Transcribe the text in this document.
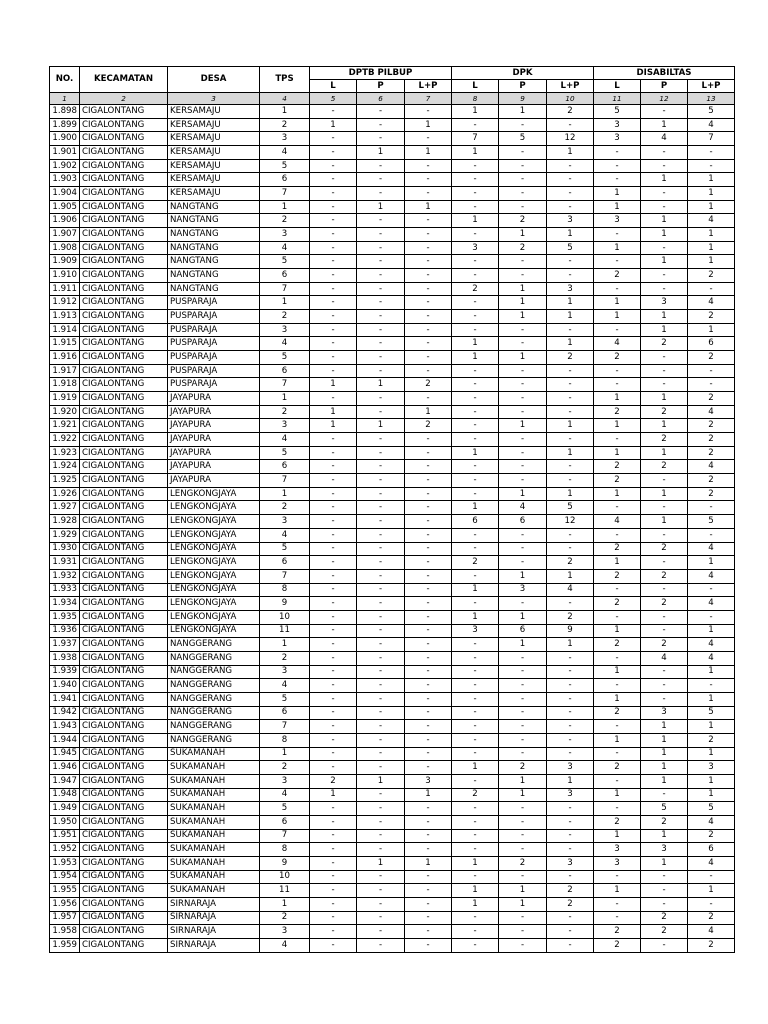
NO.	KECAMATAN	DESA	TPS	DPTB PILBUP			DPK			DISABILTAS		
				L	P	L+P	L	P	L+P	L	P	L+P
1	2	3	4	5	6	7	8	9	10	11	12	13
1.898	CIGALONTANG	KERSAMAJU	1	-	-	-	1	1	2	5	-	5
1.899	CIGALONTANG	KERSAMAJU	2	1	-	1	-	-	-	3	1	4
1.900	CIGALONTANG	KERSAMAJU	3	-	-	-	7	5	12	3	4	7
1.901	CIGALONTANG	KERSAMAJU	4	-	1	1	1	-	1	-	-	-
1.902	CIGALONTANG	KERSAMAJU	5	-	-	-	-	-	-	-	-	-
1.903	CIGALONTANG	KERSAMAJU	6	-	-	-	-	-	-	-	1	1
1.904	CIGALONTANG	KERSAMAJU	7	-	-	-	-	-	-	1	-	1
1.905	CIGALONTANG	NANGTANG	1	-	1	1	-	-	-	1	-	1
1.906	CIGALONTANG	NANGTANG	2	-	-	-	1	2	3	3	1	4
1.907	CIGALONTANG	NANGTANG	3	-	-	-	-	1	1	-	1	1
1.908	CIGALONTANG	NANGTANG	4	-	-	-	3	2	5	1	-	1
1.909	CIGALONTANG	NANGTANG	5	-	-	-	-	-	-	-	1	1
1.910	CIGALONTANG	NANGTANG	6	-	-	-	-	-	-	2	-	2
1.911	CIGALONTANG	NANGTANG	7	-	-	-	2	1	3	-	-	-
1.912	CIGALONTANG	PUSPARAJA	1	-	-	-	-	1	1	1	3	4
1.913	CIGALONTANG	PUSPARAJA	2	-	-	-	-	1	1	1	1	2
1.914	CIGALONTANG	PUSPARAJA	3	-	-	-	-	-	-	-	1	1
1.915	CIGALONTANG	PUSPARAJA	4	-	-	-	1	-	1	4	2	6
1.916	CIGALONTANG	PUSPARAJA	5	-	-	-	1	1	2	2	-	2
1.917	CIGALONTANG	PUSPARAJA	6	-	-	-	-	-	-	-	-	-
1.918	CIGALONTANG	PUSPARAJA	7	1	1	2	-	-	-	-	-	-
1.919	CIGALONTANG	JAYAPURA	1	-	-	-	-	-	-	1	1	2
1.920	CIGALONTANG	JAYAPURA	2	1	-	1	-	-	-	2	2	4
1.921	CIGALONTANG	JAYAPURA	3	1	1	2	-	1	1	1	1	2
1.922	CIGALONTANG	JAYAPURA	4	-	-	-	-	-	-	-	2	2
1.923	CIGALONTANG	JAYAPURA	5	-	-	-	1	-	1	1	1	2
1.924	CIGALONTANG	JAYAPURA	6	-	-	-	-	-	-	2	2	4
1.925	CIGALONTANG	JAYAPURA	7	-	-	-	-	-	-	2	-	2
1.926	CIGALONTANG	LENGKONGJAYA	1	-	-	-	-	1	1	1	1	2
1.927	CIGALONTANG	LENGKONGJAYA	2	-	-	-	1	4	5	-	-	-
1.928	CIGALONTANG	LENGKONGJAYA	3	-	-	-	6	6	12	4	1	5
1.929	CIGALONTANG	LENGKONGJAYA	4	-	-	-	-	-	-	-	-	-
1.930	CIGALONTANG	LENGKONGJAYA	5	-	-	-	-	-	-	2	2	4
1.931	CIGALONTANG	LENGKONGJAYA	6	-	-	-	2	-	2	1	-	1
1.932	CIGALONTANG	LENGKONGJAYA	7	-	-	-	-	1	1	2	2	4
1.933	CIGALONTANG	LENGKONGJAYA	8	-	-	-	1	3	4	-	-	-
1.934	CIGALONTANG	LENGKONGJAYA	9	-	-	-	-	-	-	2	2	4
1.935	CIGALONTANG	LENGKONGJAYA	10	-	-	-	1	1	2	-	-	-
1.936	CIGALONTANG	LENGKONGJAYA	11	-	-	-	3	6	9	1	-	1
1.937	CIGALONTANG	NANGGERANG	1	-	-	-	-	1	1	2	2	4
1.938	CIGALONTANG	NANGGERANG	2	-	-	-	-	-	-	-	4	4
1.939	CIGALONTANG	NANGGERANG	3	-	-	-	-	-	-	1	-	1
1.940	CIGALONTANG	NANGGERANG	4	-	-	-	-	-	-	-	-	-
1.941	CIGALONTANG	NANGGERANG	5	-	-	-	-	-	-	1	-	1
1.942	CIGALONTANG	NANGGERANG	6	-	-	-	-	-	-	2	3	5
1.943	CIGALONTANG	NANGGERANG	7	-	-	-	-	-	-	-	1	1
1.944	CIGALONTANG	NANGGERANG	8	-	-	-	-	-	-	1	1	2
1.945	CIGALONTANG	SUKAMANAH	1	-	-	-	-	-	-	-	1	1
1.946	CIGALONTANG	SUKAMANAH	2	-	-	-	1	2	3	2	1	3
1.947	CIGALONTANG	SUKAMANAH	3	2	1	3	-	1	1	-	1	1
1.948	CIGALONTANG	SUKAMANAH	4	1	-	1	2	1	3	1	-	1
1.949	CIGALONTANG	SUKAMANAH	5	-	-	-	-	-	-	-	5	5
1.950	CIGALONTANG	SUKAMANAH	6	-	-	-	-	-	-	2	2	4
1.951	CIGALONTANG	SUKAMANAH	7	-	-	-	-	-	-	1	1	2
1.952	CIGALONTANG	SUKAMANAH	8	-	-	-	-	-	-	3	3	6
1.953	CIGALONTANG	SUKAMANAH	9	-	1	1	1	2	3	3	1	4
1.954	CIGALONTANG	SUKAMANAH	10	-	-	-	-	-	-	-	-	-
1.955	CIGALONTANG	SUKAMANAH	11	-	-	-	1	1	2	1	-	1
1.956	CIGALONTANG	SIRNARAJA	1	-	-	-	1	1	2	-	-	-
1.957	CIGALONTANG	SIRNARAJA	2	-	-	-	-	-	-	-	2	2
1.958	CIGALONTANG	SIRNARAJA	3	-	-	-	-	-	-	2	2	4
1.959	CIGALONTANG	SIRNARAJA	4	-	-	-	-	-	-	2	-	2
